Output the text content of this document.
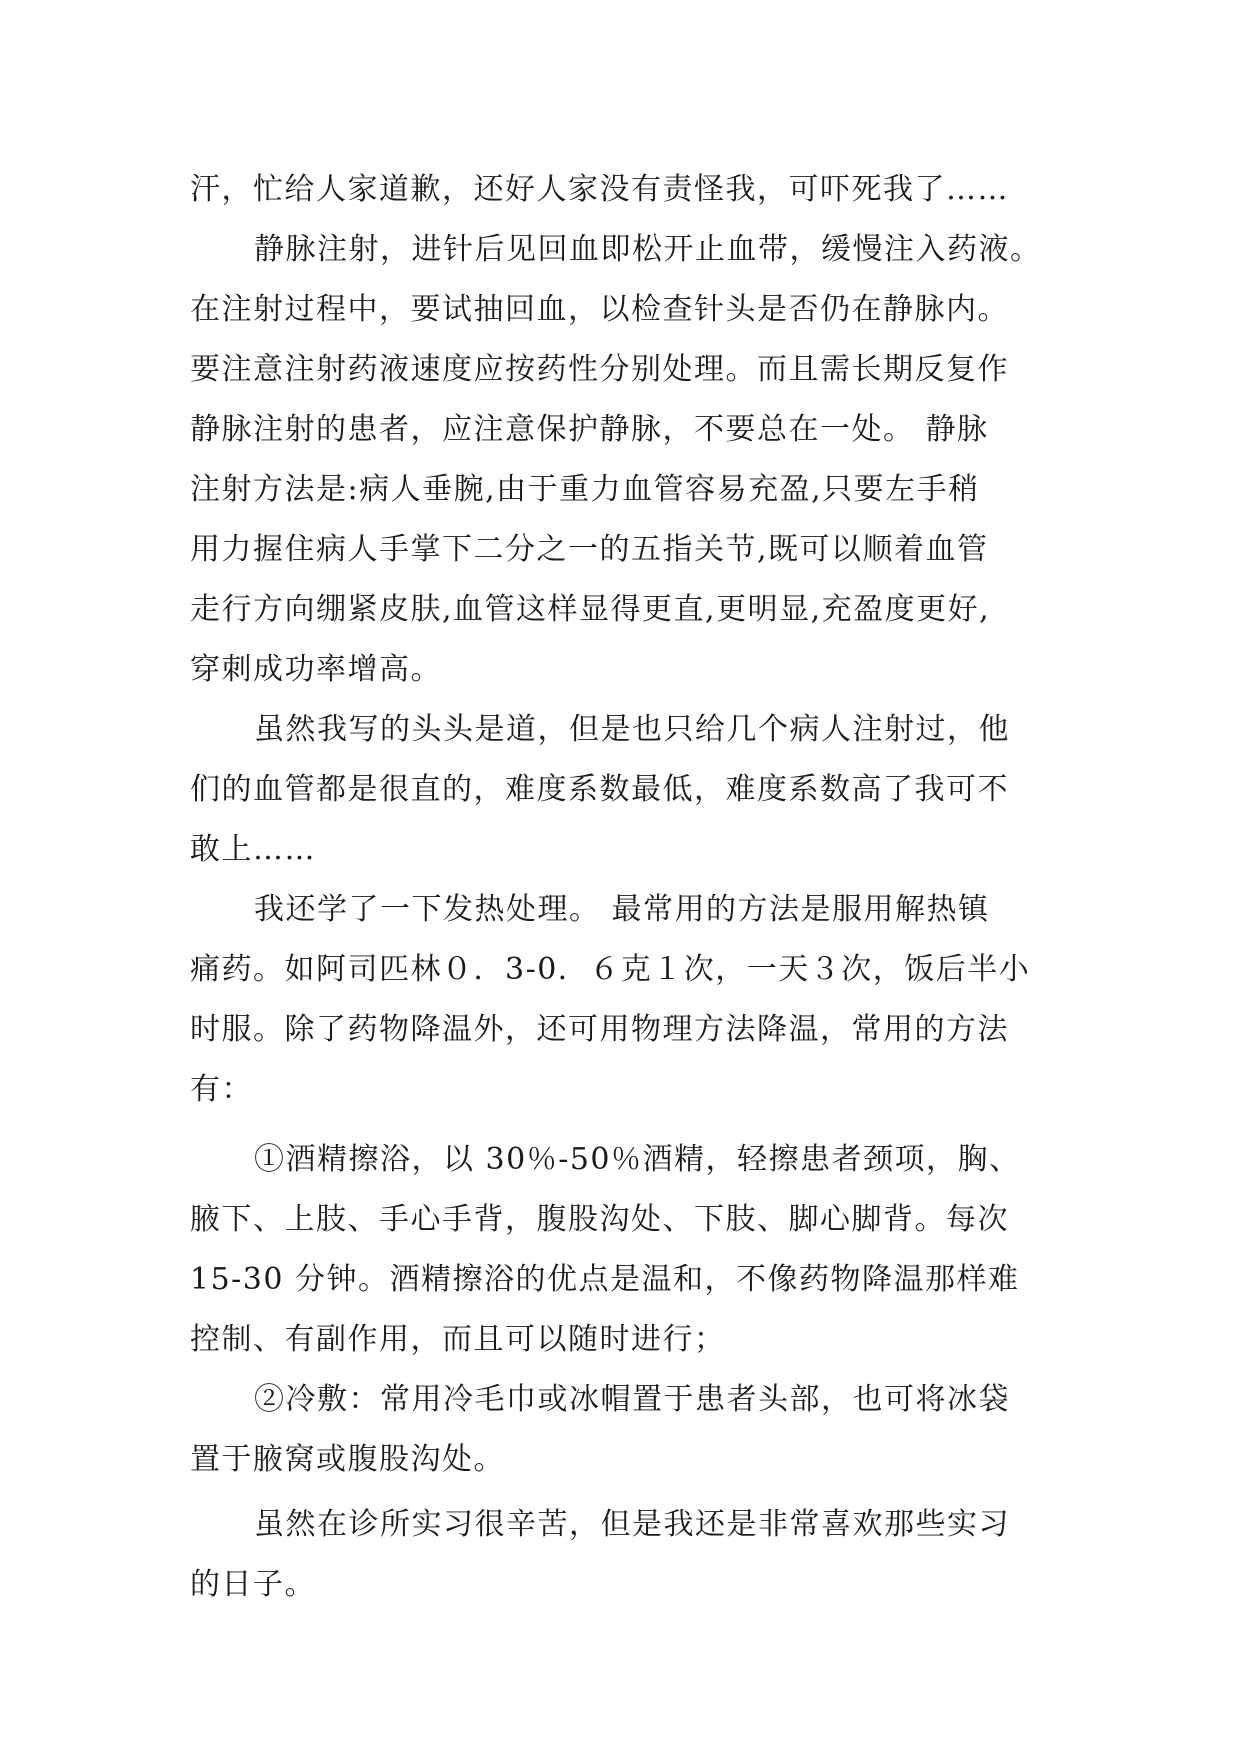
汗，忙给人家道歉，还好人家没有责怪我，可吓死我了……
静脉注射，进针后见回血即松开止血带，缓慢注入药液。
在注射过程中，要试抽回血，以检查针头是否仍在静脉内。
要注意注射药液速度应按药性分别处理。而且需长期反复作
静脉注射的患者，应注意保护静脉，不要总在一处。 静脉
注射方法是:病人垂腕,由于重力血管容易充盈,只要左手稍
用力握住病人手掌下二分之一的五指关节,既可以顺着血管
走行方向绷紧皮肤,血管这样显得更直,更明显,充盈度更好,
穿刺成功率增高。
虽然我写的头头是道，但是也只给几个病人注射过，他
们的血管都是很直的，难度系数最低，难度系数高了我可不
敢上……
我还学了一下发热处理。 最常用的方法是服用解热镇
痛药。如阿司匹林０．3-0．６克１次，一天３次，饭后半小
时服。除了药物降温外，还可用物理方法降温，常用的方法
有：
①酒精擦浴，以 30％-50％酒精，轻擦患者颈项，胸、
腋下、上肢、手心手背，腹股沟处、下肢、脚心脚背。每次
15-30 分钟。酒精擦浴的优点是温和，不像药物降温那样难
控制、有副作用，而且可以随时进行；
②冷敷：常用冷毛巾或冰帽置于患者头部，也可将冰袋
置于腋窝或腹股沟处。
虽然在诊所实习很辛苦，但是我还是非常喜欢那些实习
的日子。
